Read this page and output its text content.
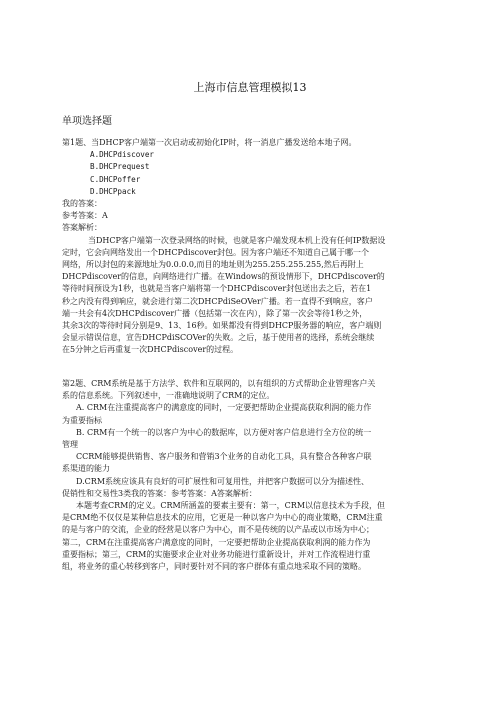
上海市信息管理模拟13
单项选择题
第1题、当DHCP客户端第一次启动或初始化IP时，将一消息广播发送给本地子网。
A.DHCPdiscover
B.DHCPrequest
C.DHCPoffer
D.DHCPpack
我的答案：
参考答案：A
答案解析：
当DHCP客户端第一次登录网络的时候，也就是客户端发现本机上没有任何IP数据设
定时，它会向网络发出一个DHCPdiscover封包。因为客户端还不知道自己属于哪一个
网络，所以封包的来源地址为0.0.0.0,而目的地址则为255.255.255.255,然后再附上
DHCPdiscover的信息，向网络进行广播。在Windows的预设情形下，DHCPdiscover的
等待时间预设为1秒，也就是当客户端将第一个DHCPdiscover封包送出去之后，若在1
秒之内没有得到响应，就会进行第二次DHCPdiSeOVer广播。若一直得不到响应，客户
端一共会有4次DHCPdiscover广播（包括第一次在内），除了第一次会等待1秒之外，
其余3次的等待时间分别是9、13、16秒。如果都没有得到DHCP服务器的响应，客户端则
会显示错误信息，宣告DHCPdiSCOVer的失败。之后，基于使用者的选择，系统会继续
在5分钟之后再重复一次DHCPdiscover的过程。
第2题、CRM系统是基于方法学、软件和互联网的，以有组织的方式帮助企业管理客户关
系的信息系统。下列叙述中，一准确地说明了CRM的定位。
A. CRM在注重提高客户的满意度的同时，一定要把帮助企业提高获取利润的能力作
为重要指标
B. CRM有一个统一的以客户为中心的数据库，以方便对客户信息进行全方位的统一
管理
CCRM能够提供销售、客户服务和营销3个业务的自动化工具，具有整合各种客户联
系渠道的能力
D.CRM系统应该具有良好的可扩展性和可复用性，并把客户数据可以分为描述性、
促销性和交易性3类我的答案：参考答案：A答案解析：
本题考查CRM的定义。CRM所涵盖的要素主要有：第一，CRM以信息技术为手段，但
是CRM绝不仅仅是某种信息技术的应用，它更是一种以客户为中心的商业策略，CRM注重
的是与客户的交流，企业的经营是以客户为中心，而不是传统的以产品或以市场为中心；
第二，CRM在注重提高客户满意度的同时，一定要把帮助企业提高获取利润的能力作为
重要指标；第三，CRM的实施要求企业对业务功能进行重新设计，并对工作流程进行重
组，将业务的重心转移到客户，同时要针对不同的客户群体有重点地采取不同的策略。
